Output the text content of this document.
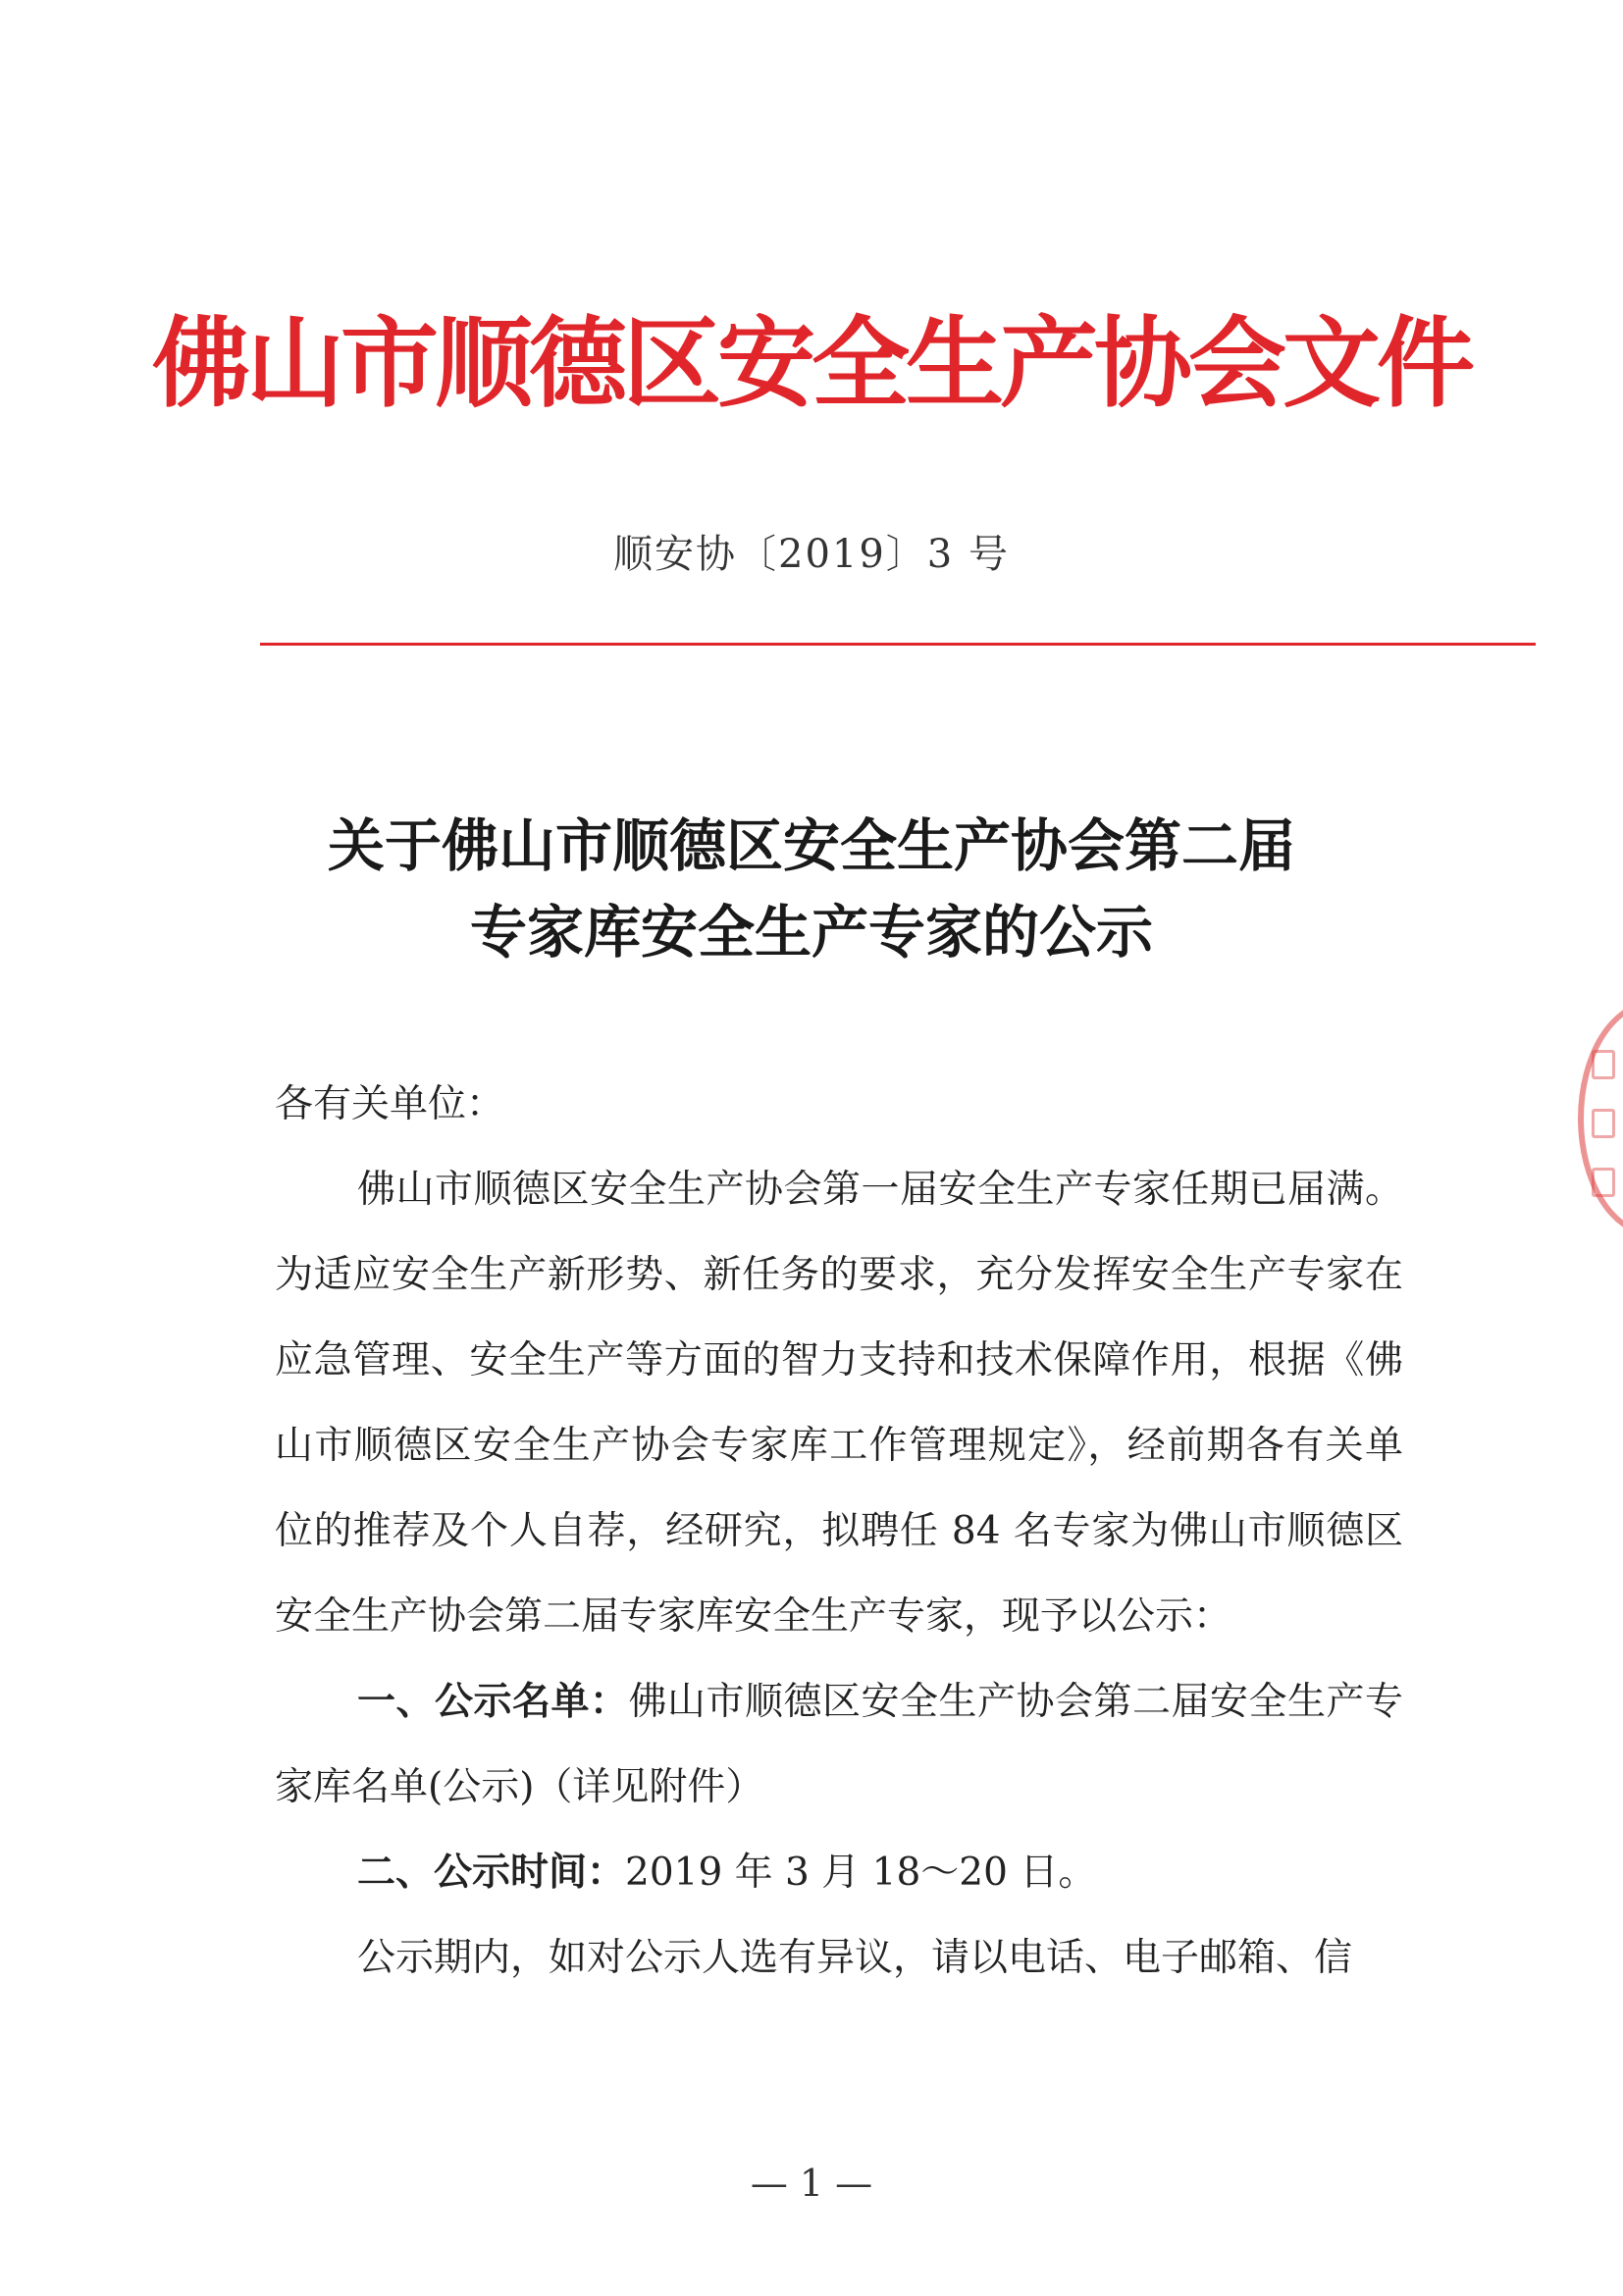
佛山市顺德区安全生产协会文件
顺安协〔2019〕3 号
关于佛山市顺德区安全生产协会第二届
专家库安全生产专家的公示

各有关单位：

佛山市顺德区安全生产协会第一届安全生产专家任期已届满。为适应安全生产新形势、新任务的要求，充分发挥安全生产专家在应急管理、安全生产等方面的智力支持和技术保障作用，根据《佛山市顺德区安全生产协会专家库工作管理规定》，经前期各有关单位的推荐及个人自荐，经研究，拟聘任 84 名专家为佛山市顺德区安全生产协会第二届专家库安全生产专家，现予以公示：

一、公示名单：佛山市顺德区安全生产协会第二届安全生产专家库名单(公示)（详见附件）

二、公示时间：2019 年 3 月 18～20 日。

公示期内，如对公示人选有异议，请以电话、电子邮箱、信

— 1 —
